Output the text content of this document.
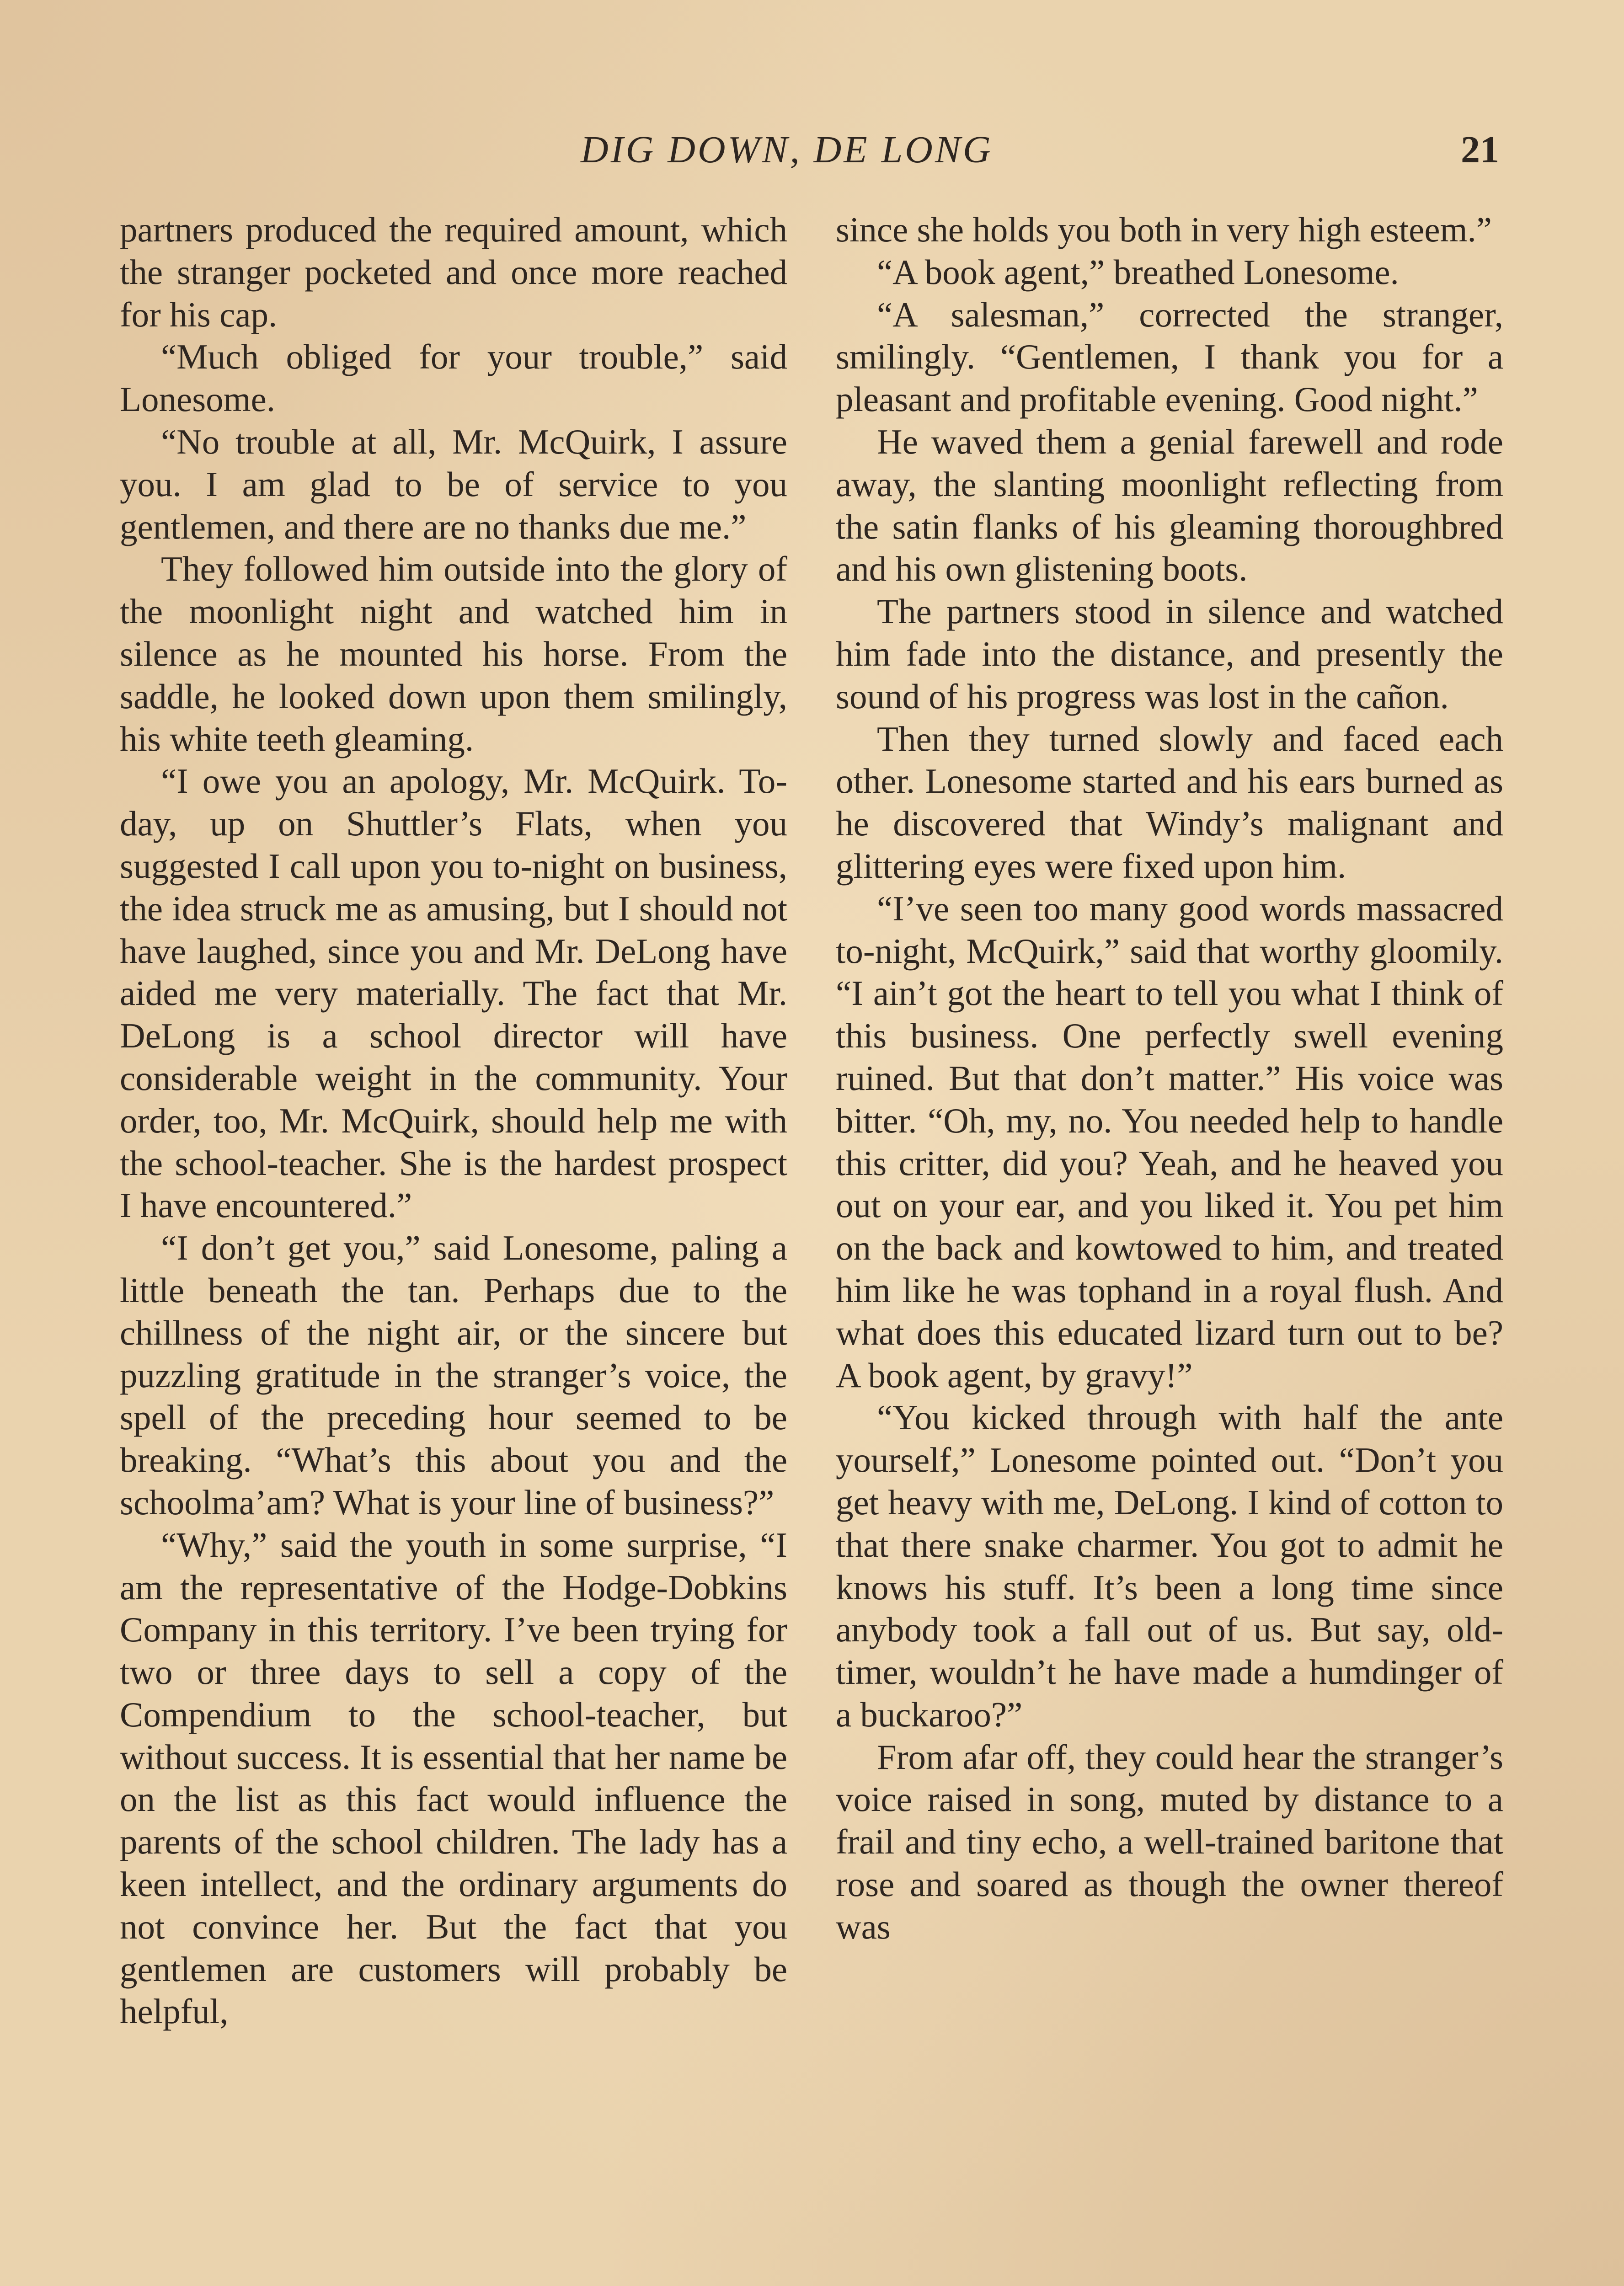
DIG DOWN, DE LONG	21

partners produced the required amount, which the stranger pocketed and once more reached for his cap.

“Much obliged for your trouble,” said Lonesome.

“No trouble at all, Mr. McQuirk, I assure you. I am glad to be of service to you gentlemen, and there are no thanks due me.”

They followed him outside into the glory of the moonlight night and watched him in silence as he mounted his horse. From the saddle, he looked down upon them smilingly, his white teeth gleaming.

“I owe you an apology, Mr. McQuirk. To-day, up on Shuttler’s Flats, when you suggested I call upon you to-night on business, the idea struck me as amusing, but I should not have laughed, since you and Mr. DeLong have aided me very materially. The fact that Mr. DeLong is a school director will have considerable weight in the community. Your order, too, Mr. McQuirk, should help me with the school-teacher. She is the hardest prospect I have encountered.”

“I don’t get you,” said Lonesome, paling a little beneath the tan. Perhaps due to the chillness of the night air, or the sincere but puzzling gratitude in the stranger’s voice, the spell of the preceding hour seemed to be breaking. “What’s this about you and the schoolma’am? What is your line of business?”

“Why,” said the youth in some surprise, “I am the representative of the Hodge-Dobkins Company in this territory. I’ve been trying for two or three days to sell a copy of the Compendium to the school-teacher, but without success. It is essential that her name be on the list as this fact would influence the parents of the school children. The lady has a keen intellect, and the ordinary arguments do not convince her. But the fact that you gentlemen are customers will probably be helpful,

since she holds you both in very high esteem.”

“A book agent,” breathed Lonesome.

“A salesman,” corrected the stranger, smilingly. “Gentlemen, I thank you for a pleasant and profitable evening. Good night.”

He waved them a genial farewell and rode away, the slanting moonlight reflecting from the satin flanks of his gleaming thoroughbred and his own glistening boots.

The partners stood in silence and watched him fade into the distance, and presently the sound of his progress was lost in the cañon.

Then they turned slowly and faced each other. Lonesome started and his ears burned as he discovered that Windy’s malignant and glittering eyes were fixed upon him.

“I’ve seen too many good words massacred to-night, McQuirk,” said that worthy gloomily. “I ain’t got the heart to tell you what I think of this business. One perfectly swell evening ruined. But that don’t matter.” His voice was bitter. “Oh, my, no. You needed help to handle this critter, did you? Yeah, and he heaved you out on your ear, and you liked it. You pet him on the back and kowtowed to him, and treated him like he was tophand in a royal flush. And what does this educated lizard turn out to be? A book agent, by gravy!”

“You kicked through with half the ante yourself,” Lonesome pointed out. “Don’t you get heavy with me, DeLong. I kind of cotton to that there snake charmer. You got to admit he knows his stuff. It’s been a long time since anybody took a fall out of us. But say, old-timer, wouldn’t he have made a humdinger of a buckaroo?”

From afar off, they could hear the stranger’s voice raised in song, muted by distance to a frail and tiny echo, a well-trained baritone that rose and soared as though the owner thereof was
